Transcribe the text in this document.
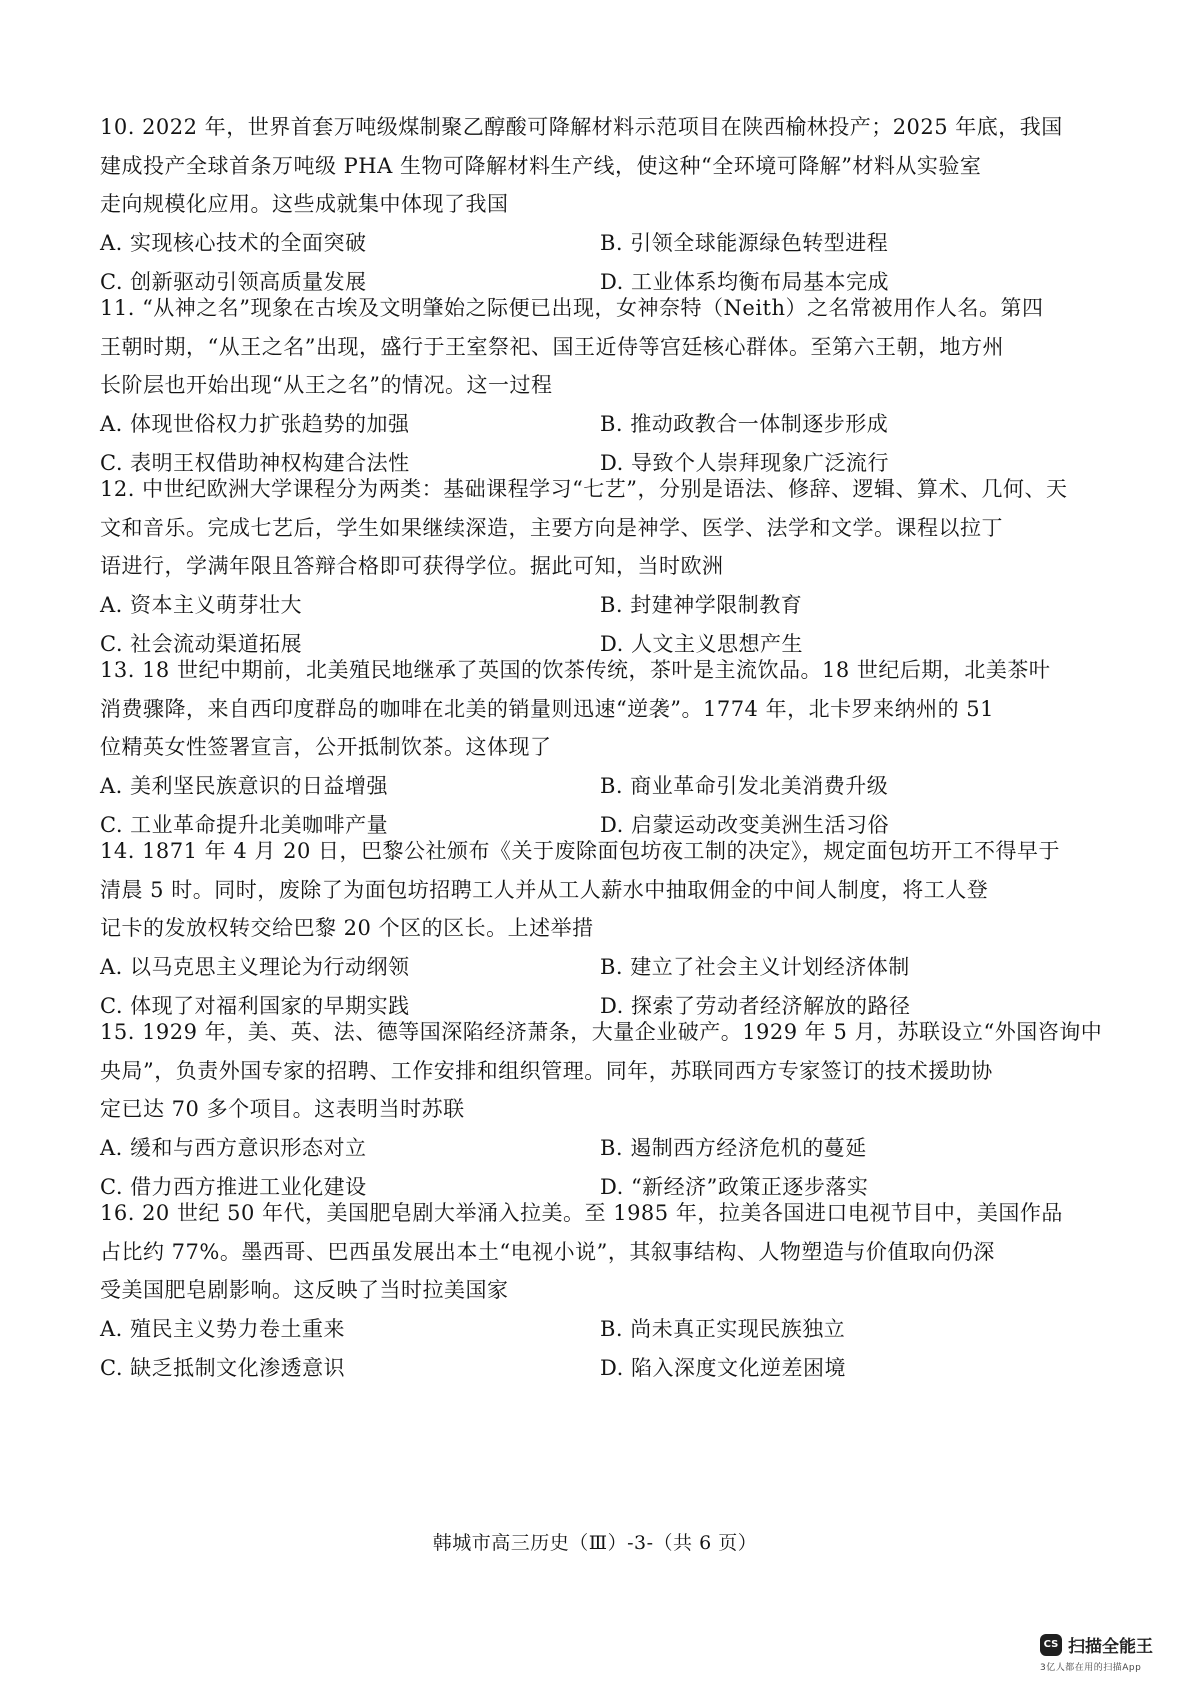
10. 2022 年，世界首套万吨级煤制聚乙醇酸可降解材料示范项目在陕西榆林投产；2025 年底，我国
建成投产全球首条万吨级 PHA 生物可降解材料生产线，使这种“全环境可降解”材料从实验室
走向规模化应用。这些成就集中体现了我国
A. 实现核心技术的全面突破	B. 引领全球能源绿色转型进程
C. 创新驱动引领高质量发展	D. 工业体系均衡布局基本完成
11. “从神之名”现象在古埃及文明肇始之际便已出现，女神奈特（Neith）之名常被用作人名。第四
王朝时期，“从王之名”出现，盛行于王室祭祀、国王近侍等宫廷核心群体。至第六王朝，地方州
长阶层也开始出现“从王之名”的情况。这一过程
A. 体现世俗权力扩张趋势的加强	B. 推动政教合一体制逐步形成
C. 表明王权借助神权构建合法性	D. 导致个人崇拜现象广泛流行
12. 中世纪欧洲大学课程分为两类：基础课程学习“七艺”，分别是语法、修辞、逻辑、算术、几何、天
文和音乐。完成七艺后，学生如果继续深造，主要方向是神学、医学、法学和文学。课程以拉丁
语进行，学满年限且答辩合格即可获得学位。据此可知，当时欧洲
A. 资本主义萌芽壮大	B. 封建神学限制教育
C. 社会流动渠道拓展	D. 人文主义思想产生
13. 18 世纪中期前，北美殖民地继承了英国的饮茶传统，茶叶是主流饮品。18 世纪后期，北美茶叶
消费骤降，来自西印度群岛的咖啡在北美的销量则迅速“逆袭”。1774 年，北卡罗来纳州的 51
位精英女性签署宣言，公开抵制饮茶。这体现了
A. 美利坚民族意识的日益增强	B. 商业革命引发北美消费升级
C. 工业革命提升北美咖啡产量	D. 启蒙运动改变美洲生活习俗
14. 1871 年 4 月 20 日，巴黎公社颁布《关于废除面包坊夜工制的决定》，规定面包坊开工不得早于
清晨 5 时。同时，废除了为面包坊招聘工人并从工人薪水中抽取佣金的中间人制度，将工人登
记卡的发放权转交给巴黎 20 个区的区长。上述举措
A. 以马克思主义理论为行动纲领	B. 建立了社会主义计划经济体制
C. 体现了对福利国家的早期实践	D. 探索了劳动者经济解放的路径
15. 1929 年，美、英、法、德等国深陷经济萧条，大量企业破产。1929 年 5 月，苏联设立“外国咨询中
央局”，负责外国专家的招聘、工作安排和组织管理。同年，苏联同西方专家签订的技术援助协
定已达 70 多个项目。这表明当时苏联
A. 缓和与西方意识形态对立	B. 遏制西方经济危机的蔓延
C. 借力西方推进工业化建设	D. “新经济”政策正逐步落实
16. 20 世纪 50 年代，美国肥皂剧大举涌入拉美。至 1985 年，拉美各国进口电视节目中，美国作品
占比约 77%。墨西哥、巴西虽发展出本土“电视小说”，其叙事结构、人物塑造与价值取向仍深
受美国肥皂剧影响。这反映了当时拉美国家
A. 殖民主义势力卷土重来	B. 尚未真正实现民族独立
C. 缺乏抵制文化渗透意识	D. 陷入深度文化逆差困境
韩城市高三历史（Ⅲ）-3-（共 6 页）
CS 扫描全能王
3亿人都在用的扫描App
